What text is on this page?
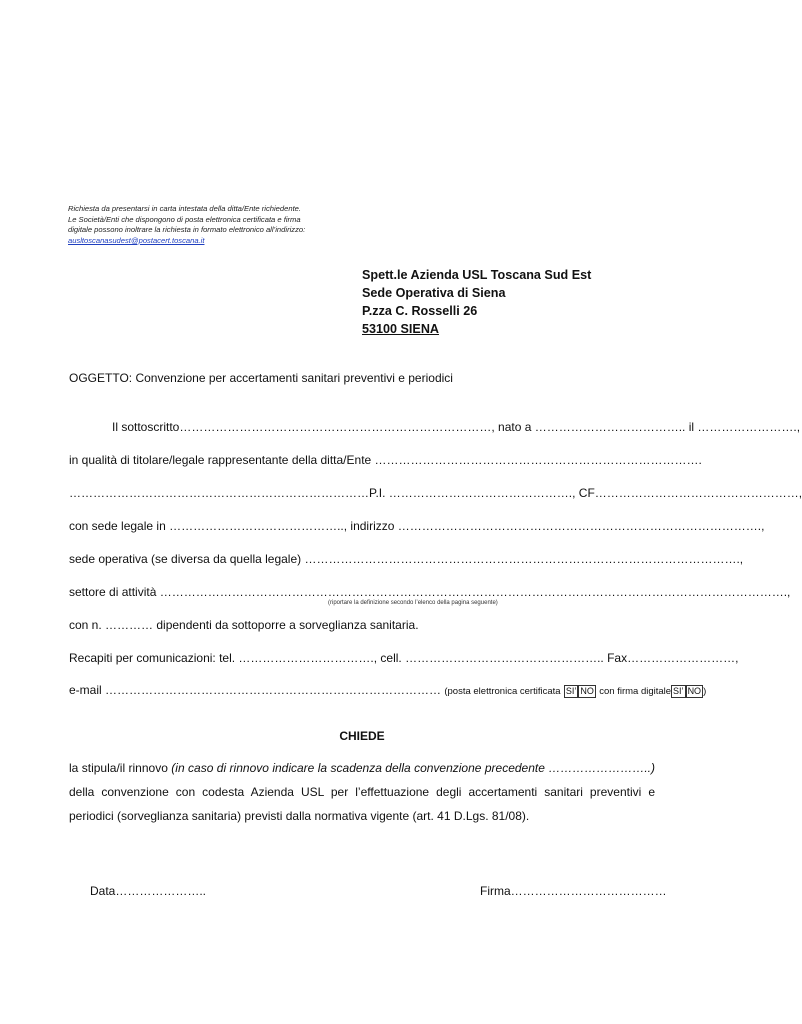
Richiesta da presentarsi in carta intestata della ditta/Ente richiedente.
Le Società/Enti che dispongono di posta elettronica certificata e firma
digitale possono inoltrare la richiesta in formato elettronico all’indirizzo:
ausltoscanasudest@postacert.toscana.it
Spett.le Azienda USL Toscana Sud Est
Sede Operativa di Siena
P.zza C. Rosselli 26
53100 SIENA
OGGETTO: Convenzione per accertamenti sanitari preventivi e periodici
Il sottoscritto……………………………………………………………………, nato a ……………………………….. il …………………….,
in qualità di titolare/legale rappresentante della ditta/Ente ……………………………………………………………………….
…………………………………………………………………P.I. ………………………………………., CF……………………………………………,
con sede legale in …………………………………….., indirizzo ……………………………………………………………………………….,
sede operativa (se diversa da quella legale) ……………………………………………………………………………………………….,
settore di attività ………………………………………………………………………………………………………………………………………….,
(riportare la definizione secondo l’elenco della pagina seguente)
con n. ………… dipendenti da sottoporre a sorveglianza sanitaria.
Recapiti per comunicazioni: tel. ……………………………., cell. ………………………………………….. Fax………………………,
e-mail ………………………………………………………………………… (posta elettronica certificata SI’ NO con firma digitale SI’ NO )
CHIEDE
la stipula/il rinnovo (in caso di rinnovo indicare la scadenza della convenzione precedente ……………………..) della convenzione con codesta Azienda USL per l’effettuazione degli accertamenti sanitari preventivi e periodici (sorveglianza sanitaria) previsti dalla normativa vigente (art. 41 D.Lgs. 81/08).
Data…………………..	Firma…………………………………
